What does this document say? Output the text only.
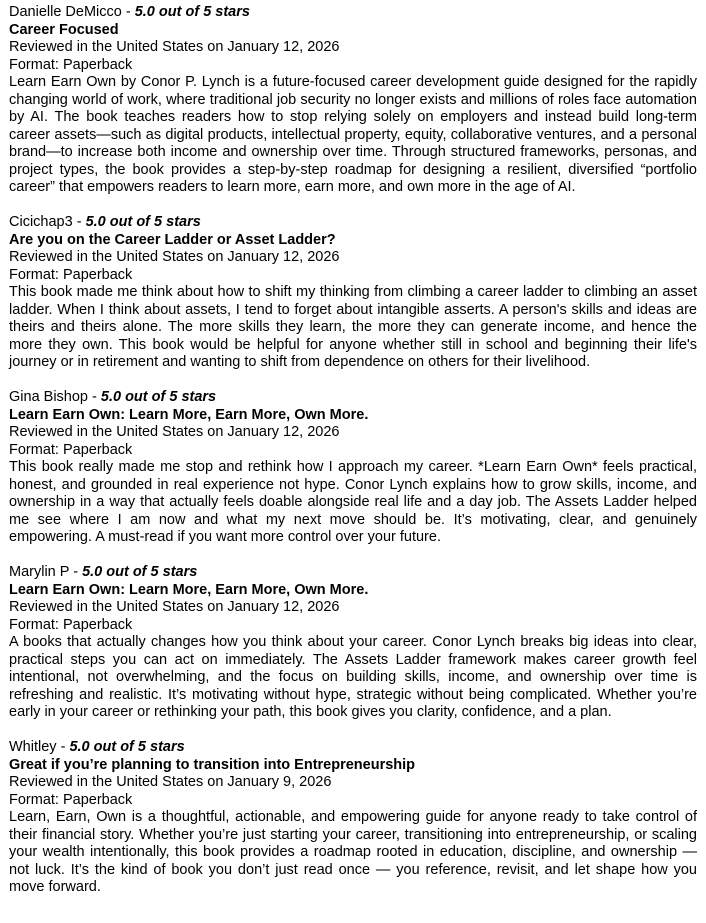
Danielle DeMicco - 5.0 out of 5 stars
Career Focused
Reviewed in the United States on January 12, 2026
Format: Paperback
Learn Earn Own by Conor P. Lynch is a future-focused career development guide designed for the rapidly changing world of work, where traditional job security no longer exists and millions of roles face automation by AI. The book teaches readers how to stop relying solely on employers and instead build long-term career assets—such as digital products, intellectual property, equity, collaborative ventures, and a personal brand—to increase both income and ownership over time. Through structured frameworks, personas, and project types, the book provides a step-by-step roadmap for designing a resilient, diversified “portfolio career” that empowers readers to learn more, earn more, and own more in the age of AI.
Cicichap3 - 5.0 out of 5 stars
Are you on the Career Ladder or Asset Ladder?
Reviewed in the United States on January 12, 2026
Format: Paperback
This book made me think about how to shift my thinking from climbing a career ladder to climbing an asset ladder. When I think about assets, I tend to forget about intangible asserts. A person's skills and ideas are theirs and theirs alone. The more skills they learn, the more they can generate income, and hence the more they own. This book would be helpful for anyone whether still in school and beginning their life's journey or in retirement and wanting to shift from dependence on others for their livelihood.
Gina Bishop - 5.0 out of 5 stars
Learn Earn Own: Learn More, Earn More, Own More.
Reviewed in the United States on January 12, 2026
Format: Paperback
This book really made me stop and rethink how I approach my career. *Learn Earn Own* feels practical, honest, and grounded in real experience not hype. Conor Lynch explains how to grow skills, income, and ownership in a way that actually feels doable alongside real life and a day job. The Assets Ladder helped me see where I am now and what my next move should be. It’s motivating, clear, and genuinely empowering. A must-read if you want more control over your future.
Marylin P - 5.0 out of 5 stars
Learn Earn Own: Learn More, Earn More, Own More.
Reviewed in the United States on January 12, 2026
Format: Paperback
A books that actually changes how you think about your career. Conor Lynch breaks big ideas into clear, practical steps you can act on immediately. The Assets Ladder framework makes career growth feel intentional, not overwhelming, and the focus on building skills, income, and ownership over time is refreshing and realistic. It’s motivating without hype, strategic without being complicated. Whether you’re early in your career or rethinking your path, this book gives you clarity, confidence, and a plan.
Whitley - 5.0 out of 5 stars
Great if you’re planning to transition into Entrepreneurship
Reviewed in the United States on January 9, 2026
Format: Paperback
Learn, Earn, Own is a thoughtful, actionable, and empowering guide for anyone ready to take control of their financial story. Whether you’re just starting your career, transitioning into entrepreneurship, or scaling your wealth intentionally, this book provides a roadmap rooted in education, discipline, and ownership — not luck. It’s the kind of book you don’t just read once — you reference, revisit, and let shape how you move forward.
